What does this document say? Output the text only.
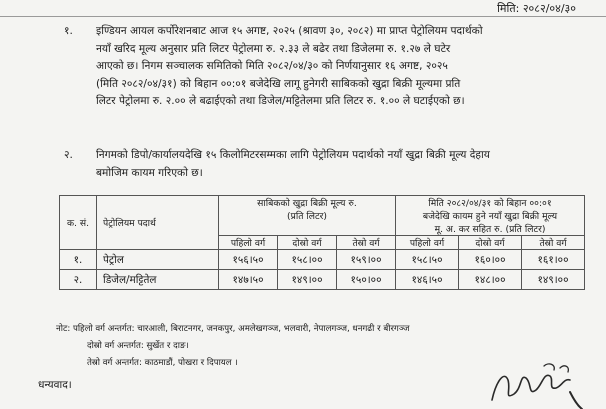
मिति: २०८२/०४/३०
१. इण्डियन आयल कर्पोरेशनबाट आज १५ अगष्ट, २०२५ (श्रावण ३०, २०८२) मा प्राप्त पेट्रोलियम पदार्थको
नयाँ खरिद मूल्य अनुसार प्रति लिटर पेट्रोलमा रु. २.३३ ले बढेर तथा डिजेलमा रु. १.२७ ले घटेर
आएको छ। निगम सञ्चालक समितिको मिति २०८२/०४/३० को निर्णयानुसार १६ अगष्ट, २०२५
(मिति २०८२/०४/३१) को बिहान ००:०१ बजेदेखि लागू हुनेगरी साबिकको खुद्रा बिक्री मूल्यमा प्रति
लिटर पेट्रोलमा रु. २.०० ले बढाईएको तथा डिजेल/मट्टितेलमा प्रति लिटर रु. १.०० ले घटाईएको छ।
२. निगमको डिपो/कार्यालयदेखि १५ किलोमिटरसम्मका लागि पेट्रोलियम पदार्थको नयाँ खुद्रा बिक्री मूल्य देहाय
बमोजिम कायम गरिएको छ।
क. सं.	पेट्रोलियम पदार्थ	साबिकको खुद्रा बिक्री मूल्य रु.			मिति २०८२/०४/३१ को बिहान ००:०१		
		(प्रति लिटर)			बजेदेखि कायम हुने नयाँ खुद्रा बिक्री मूल्य		
					मू. अ. कर सहित रु. (प्रति लिटर)		
		पहिलो वर्ग	दोस्रो वर्ग	तेस्रो वर्ग	पहिलो वर्ग	दोस्रो वर्ग	तेस्रो वर्ग
१.	पेट्रोल	१५६।५०	१५८।००	१५९।००	१५८।५०	१६०।००	१६१।००
२.	डिजेल/मट्टितेल	१४७।५०	१४९।००	१५०।००	१४६।५०	१४८।००	१४९।००
नोट: पहिलो वर्ग अन्तर्गत: चारआली, बिराटनगर, जनकपुर, अमलेखगञ्ज, भलवारी, नेपालगञ्ज, धनगढी र बीरगञ्ज
दोस्रो वर्ग अन्तर्गत: सुर्खेत र दाङ।
तेस्रो वर्ग अन्तर्गत: काठमाडौं, पोखरा र दिपायल ।
धन्यवाद।
